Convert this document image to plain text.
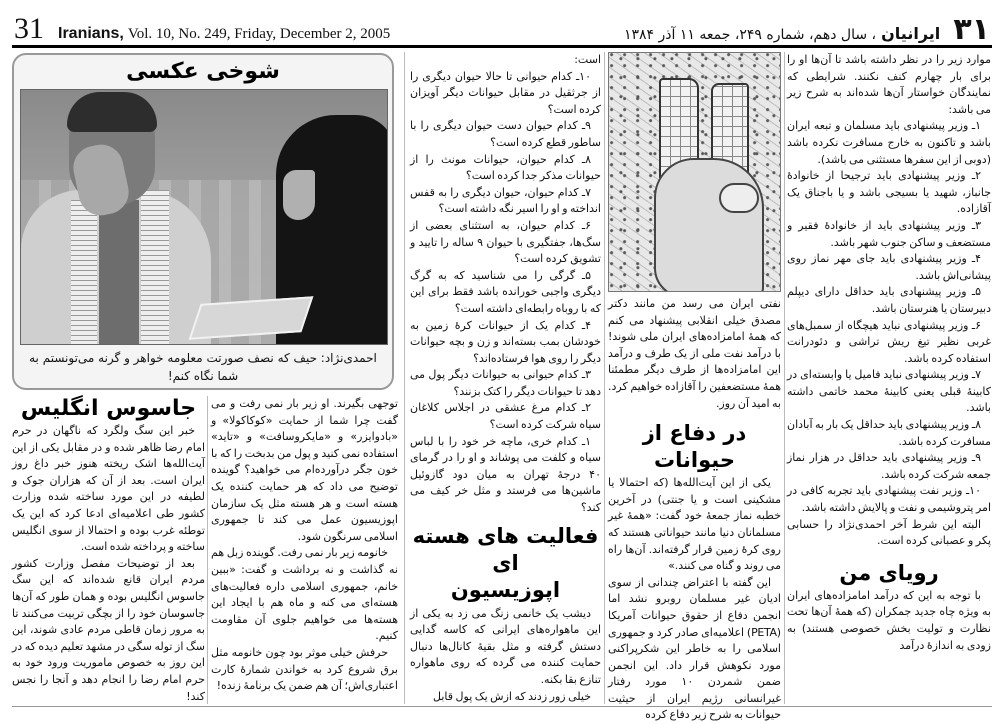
31 Iranians, Vol. 10, No. 249, Friday, December 2, 2005	۳۱ ایرانیان ، سال دهم، شماره ۲۴۹، جمعه ۱۱ آذر ۱۳۸۴
شوخی عکسی

احمدی‌نژاد: حیف که نصف صورتت معلومه خواهر و گرنه می‌تونستم به شما نگاه کنم!

جاسوس انگلیس

خبر این سگ ولگرد که ناگهان در حرم امام رضا ظاهر شده و در مقابل یکی از این آیت‌الله‌ها اشک ریخته هنوز خبر داغ روز ایران است. بعد از آن که هزاران جوک و لطیفه در این مورد ساخته شده وزارت کشور طی اعلامیه‌ای ادعا کرد که این یک توطئه غرب بوده و احتمالا از سوی انگلیس ساخته و پرداخته شده است.

بعد از توضیحات مفصل وزارت کشور مردم ایران قانع شده‌اند که این سگ جاسوس انگلیس بوده و همان طور که آن‌ها جاسوسان خود را از بچگی تربیت می‌کنند تا به مرور زمان قاطی مردم عادی شوند، این سگ از توله سگی در مشهد تعلیم دیده که در این روز به خصوص ماموریت ورود خود به حرم امام رضا را انجام دهد و آنجا را نجس کند!

توجهی بگیرند. او زیر بار نمی رفت و می گفت چرا شما از حمایت «کوکاکولا» و «بادوایزر» و «مایکروسافت» و «تاید» استفاده نمی کنید و پول من بدبخت را که با خون جگر درآورده‌ام می خواهید؟ گوینده توضیح می داد که هر حمایت کننده یک هسته است و هر هسته مثل یک سازمان اپوزیسیون عمل می کند تا جمهوری اسلامی سرنگون شود.

خانومه زیر بار نمی رفت. گوینده زبل هم نه گذاشت و نه برداشت و گفت: «ببین خانم، جمهوری اسلامی داره فعالیت‌های هسته‌ای می کنه و ماه هم با ایجاد این هسته‌ها می خواهیم جلوی آن مقاومت کنیم.

حرفش خیلی موثر بود چون خانومه مثل برق شروع کرد به خواندن شمارهٔ کارت اعتباری‌اش؛ آن هم ضمن یک برنامهٔ زنده!

است:

۱۰ـ کدام حیوانی تا حالا حیوان دیگری را از جرثقیل در مقابل حیوانات دیگر آویزان کرده است؟

۹ـ کدام حیوان دست حیوان دیگری را با ساطور قطع کرده است؟

۸ـ کدام حیوان، حیوانات مونث را از حیوانات مذکر جدا کرده است؟

۷ـ کدام حیوان، حیوان دیگری را به قفس انداخته و او را اسیر نگه داشته است؟

۶ـ کدام حیوان، به استثنای بعضی از سگ‌ها، جفتگیری با حیوان ۹ ساله را تایید و تشویق کرده است؟

۵ـ گرگی را می شناسید که به گرگ دیگری واجبی خورانده باشد فقط برای این که با روباه رابطه‌ای داشته است؟

۴ـ کدام یک از حیوانات کرهٔ زمین به خودشان بمب بسته‌اند و زن و بچه حیوانات دیگر را روی هوا فرستاده‌اند؟

۳ـ کدام حیوانی به حیوانات دیگر پول می دهد تا حیوانات دیگر را کتک بزنند؟

۲ـ کدام مرغ عشقی در اجلاس کلاغان سیاه شرکت کرده است؟

۱ـ کدام خری، ماچه خر خود را با لباس سیاه و کلفت می پوشاند و او را در گرمای ۴۰ درجهٔ تهران به میان دود گازوئیل ماشین‌ها می فرستد و مثل خر کیف می کند؟

فعالیت های هسته ای
اپوزیسیون

دیشب یک خانمی زنگ می زد به یکی از این ماهواره‌های ایرانی که کاسه گدایی دستش گرفته و مثل بقیهٔ کانال‌ها دنبال حمایت کننده می گرده که روی ماهواره تنازع بقا بکنه.

خیلی زور زدند که ازش یک پول قابل

نفتی ایران می رسد من مانند دکتر مصدق خیلی انقلابی پیشنهاد می کنم که همهٔ امامزاده‌های ایران ملی شوند! با درآمد نفت ملی از یک طرف و درآمد این امامزاده‌ها از طرف دیگر مطمئنا همهٔ مستضعفین را آقازاده خواهیم کرد. به امید آن روز.

در دفاع از حیوانات

یکی از این آیت‌الله‌ها (که احتمالا یا مشکینی است و یا جنتی) در آخرین خطبه نماز جمعهٔ خود گفت: «همهٔ غیر مسلمانان دنیا مانند حیواناتی هستند که روی کرهٔ زمین قرار گرفته‌اند. آن‌ها راه می روند و گناه می کنند.»

این گفته با اعتراض چندانی از سوی ادیان غیر مسلمان روبرو نشد اما انجمن دفاع از حقوق حیوانات آمریکا (PETA) اعلامیه‌ای صادر کرد و جمهوری اسلامی را به خاطر این شکرپراکنی مورد نکوهش قرار داد. این انجمن ضمن شمردن ۱۰ مورد رفتار غیرانسانی رژیم ایران از حیثیت حیوانات به شرح زیر دفاع کرده

موارد زیر را در نظر داشته باشد تا آن‌ها او را برای بار چهارم کنف نکنند. شرایطی که نمایندگان خواستار آن‌ها شده‌اند به شرح زیر می باشد:

۱ـ وزیر پیشنهادی باید مسلمان و تبعه ایران باشد و تاکنون به خارج مسافرت نکرده باشد (دوبی از این سفرها مستثنی می باشد).

۲ـ وزیر پیشنهادی باید ترجیحا از خانوادهٔ جانباز، شهید یا بسیجی باشد و یا باجناق یک آقازاده.

۳ـ وزیر پیشنهادی باید از خانوادهٔ فقیر و مستضعف و ساکن جنوب شهر باشد.

۴ـ وزیر پیشنهادی باید جای مهر نماز روی پیشانی‌اش باشد.

۵ـ وزیر پیشنهادی باید حداقل دارای دیپلم دبیرستان یا هنرستان باشد.

۶ـ وزیر پیشنهادی نباید هیچگاه از سمبل‌های غربی نظیر تیغ ریش تراشی و دئودرانت استفاده کرده باشد.

۷ـ وزیر پیشنهادی نباید فامیل یا وابسته‌ای در کابینهٔ قبلی یعنی کابینهٔ محمد خاتمی داشته باشد.

۸ـ وزیر پیشنهادی باید حداقل یک بار به آبادان مسافرت کرده باشد.

۹ـ وزیر پیشنهادی باید حداقل در هزار نماز جمعه شرکت کرده باشد.

۱۰ـ وزیر نفت پیشنهادی باید تجربه کافی در امر پتروشیمی و نفت و پالایش داشته باشد.

البته این شرط آخر احمدی‌نژاد را حسابی پکر و عصبانی کرده است.

رویای من

با توجه به این که درآمد امامزاده‌های ایران به ویژه چاه جدید جمکران (که همهٔ آن‌ها تحت نظارت و تولیت بخش خصوصی هستند) به زودی به اندازهٔ درآمد
